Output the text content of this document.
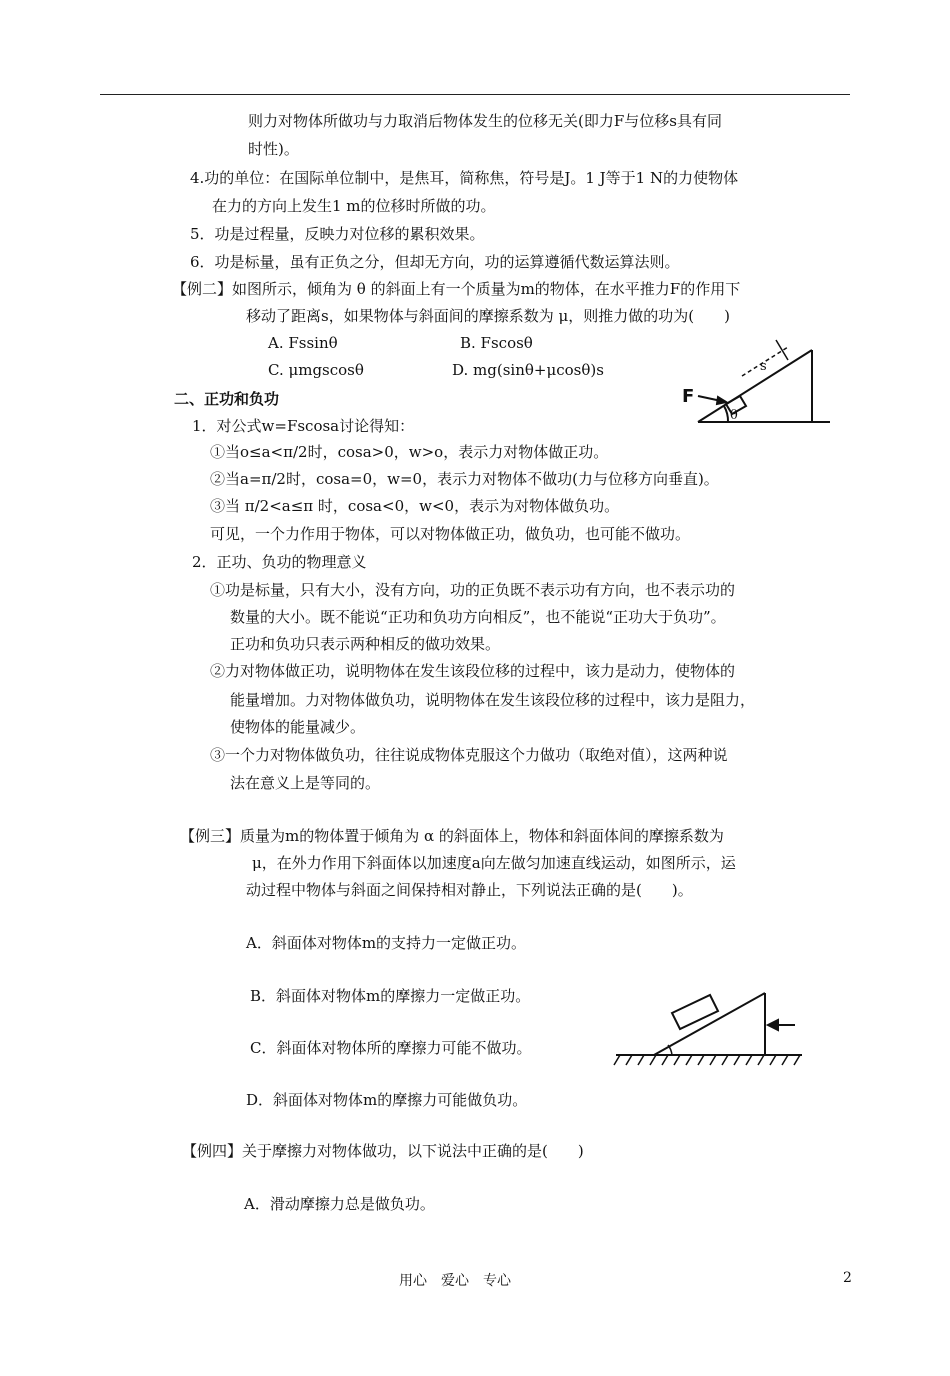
则力对物体所做功与力取消后物体发生的位移无关(即力F与位移s具有同
时性)。
4.功的单位：在国际单位制中，是焦耳，简称焦，符号是J。1 J等于1 N的力使物体
在力的方向上发生1 m的位移时所做的功。
5．功是过程量，反映力对位移的累积效果。
6．功是标量，虽有正负之分，但却无方向，功的运算遵循代数运算法则。
【例二】如图所示，倾角为 θ 的斜面上有一个质量为m的物体，在水平推力F的作用下
移动了距离s，如果物体与斜面间的摩擦系数为 μ，则推力做的功为(　　)
A. Fssinθ	B. Fscosθ
C. μmgscosθ	D. mg(sinθ+μcosθ)s
二、正功和负功
1．对公式w=Fscosa讨论得知：
①当o≤a<π/2时，cosa>0，w>o，表示力对物体做正功。
②当a=π/2时，cosa=0，w=0，表示力对物体不做功(力与位移方向垂直)。
③当 π/2<a≤π 时，cosa<0，w<0，表示为对物体做负功。
可见，一个力作用于物体，可以对物体做正功，做负功，也可能不做功。
2．正功、负功的物理意义
①功是标量，只有大小，没有方向，功的正负既不表示功有方向，也不表示功的
数量的大小。既不能说“正功和负功方向相反”，也不能说“正功大于负功”。
正功和负功只表示两种相反的做功效果。
②力对物体做正功，说明物体在发生该段位移的过程中，该力是动力，使物体的
能量增加。力对物体做负功，说明物体在发生该段位移的过程中，该力是阻力，
使物体的能量减少。
③一个力对物体做负功，往往说成物体克服这个力做功（取绝对值），这两种说
法在意义上是等同的。
【例三】质量为m的物体置于倾角为 α 的斜面体上，物体和斜面体间的摩擦系数为
μ，在外力作用下斜面体以加速度a向左做匀加速直线运动，如图所示，运
动过程中物体与斜面之间保持相对静止，下列说法正确的是(　　)。
A．斜面体对物体m的支持力一定做正功。
B．斜面体对物体m的摩擦力一定做正功。
C．斜面体对物体所的摩擦力可能不做功。
D．斜面体对物体m的摩擦力可能做负功。
【例四】关于摩擦力对物体做功，以下说法中正确的是(　　)
A．滑动摩擦力总是做负功。
F
θ
s
用心　爱心　专心	2
